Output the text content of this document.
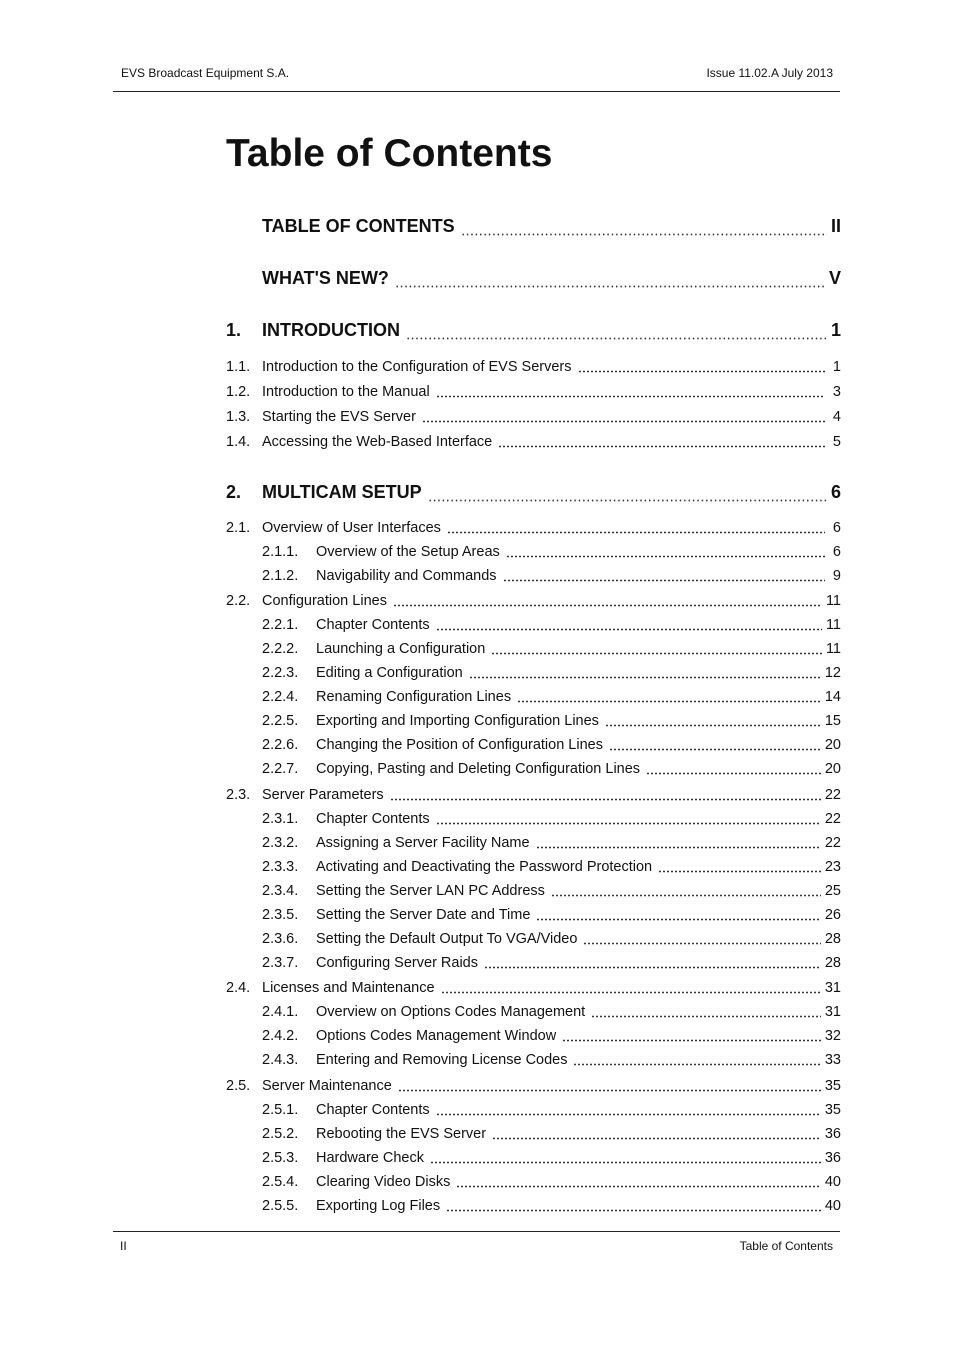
EVS Broadcast Equipment S.A.	Issue 11.02.A July 2013
Table of Contents
TABLE OF CONTENTS	II
WHAT'S NEW?	V
1.	INTRODUCTION	1
1.1. Introduction to the Configuration of EVS Servers	1
1.2. Introduction to the Manual	3
1.3. Starting the EVS Server	4
1.4. Accessing the Web-Based Interface	5
2.	MULTICAM SETUP	6
2.1. Overview of User Interfaces	6
2.1.1.	Overview of the Setup Areas	6
2.1.2.	Navigability and Commands	9
2.2. Configuration Lines	11
2.2.1.	Chapter Contents	11
2.2.2.	Launching a Configuration	11
2.2.3.	Editing a Configuration	12
2.2.4.	Renaming Configuration Lines	14
2.2.5.	Exporting and Importing Configuration Lines	15
2.2.6.	Changing the Position of Configuration Lines	20
2.2.7.	Copying, Pasting and Deleting Configuration Lines	20
2.3. Server Parameters	22
2.3.1.	Chapter Contents	22
2.3.2.	Assigning a Server Facility Name	22
2.3.3.	Activating and Deactivating the Password Protection	23
2.3.4.	Setting the Server LAN PC Address	25
2.3.5.	Setting the Server Date and Time	26
2.3.6.	Setting the Default Output To VGA/Video	28
2.3.7.	Configuring Server Raids	28
2.4. Licenses and Maintenance	31
2.4.1.	Overview on Options Codes Management	31
2.4.2.	Options Codes Management Window	32
2.4.3.	Entering and Removing License Codes	33
2.5. Server Maintenance	35
2.5.1.	Chapter Contents	35
2.5.2.	Rebooting the EVS Server	36
2.5.3.	Hardware Check	36
2.5.4.	Clearing Video Disks	40
2.5.5.	Exporting Log Files	40
II	Table of Contents
